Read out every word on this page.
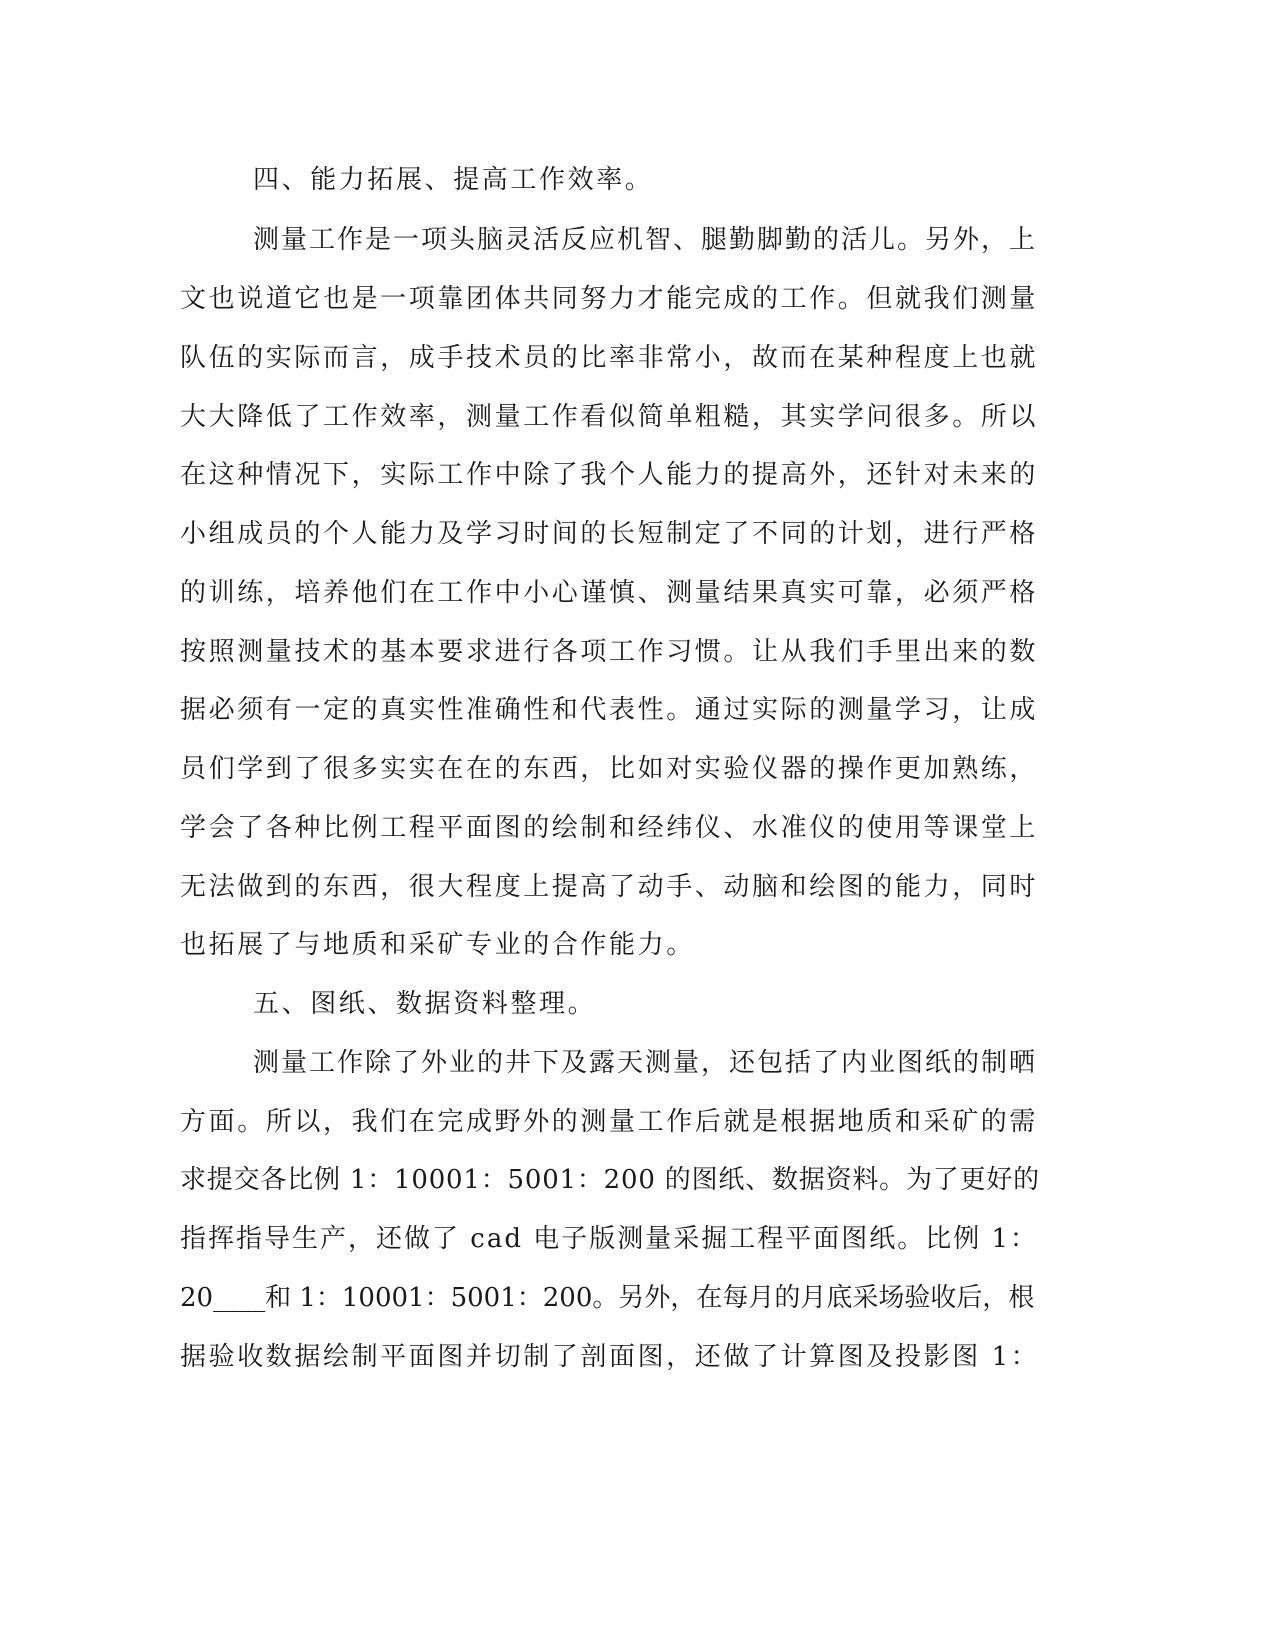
四、能力拓展、提高工作效率。
测量工作是一项头脑灵活反应机智、腿勤脚勤的活儿。另外，上
文也说道它也是一项靠团体共同努力才能完成的工作。但就我们测量
队伍的实际而言，成手技术员的比率非常小，故而在某种程度上也就
大大降低了工作效率，测量工作看似简单粗糙，其实学问很多。所以
在这种情况下，实际工作中除了我个人能力的提高外，还针对未来的
小组成员的个人能力及学习时间的长短制定了不同的计划，进行严格
的训练，培养他们在工作中小心谨慎、测量结果真实可靠，必须严格
按照测量技术的基本要求进行各项工作习惯。让从我们手里出来的数
据必须有一定的真实性准确性和代表性。通过实际的测量学习，让成
员们学到了很多实实在在的东西，比如对实验仪器的操作更加熟练，
学会了各种比例工程平面图的绘制和经纬仪、水准仪的使用等课堂上
无法做到的东西，很大程度上提高了动手、动脑和绘图的能力，同时
也拓展了与地质和采矿专业的合作能力。
五、图纸、数据资料整理。
测量工作除了外业的井下及露天测量，还包括了内业图纸的制晒
方面。所以，我们在完成野外的测量工作后就是根据地质和采矿的需
求提交各比例 1：10001：5001：200 的图纸、数据资料。为了更好的
指挥指导生产，还做了 cad 电子版测量采掘工程平面图纸。比例 1：
20____和 1：10001：5001：200。另外，在每月的月底采场验收后，根
据验收数据绘制平面图并切制了剖面图，还做了计算图及投影图 1：
